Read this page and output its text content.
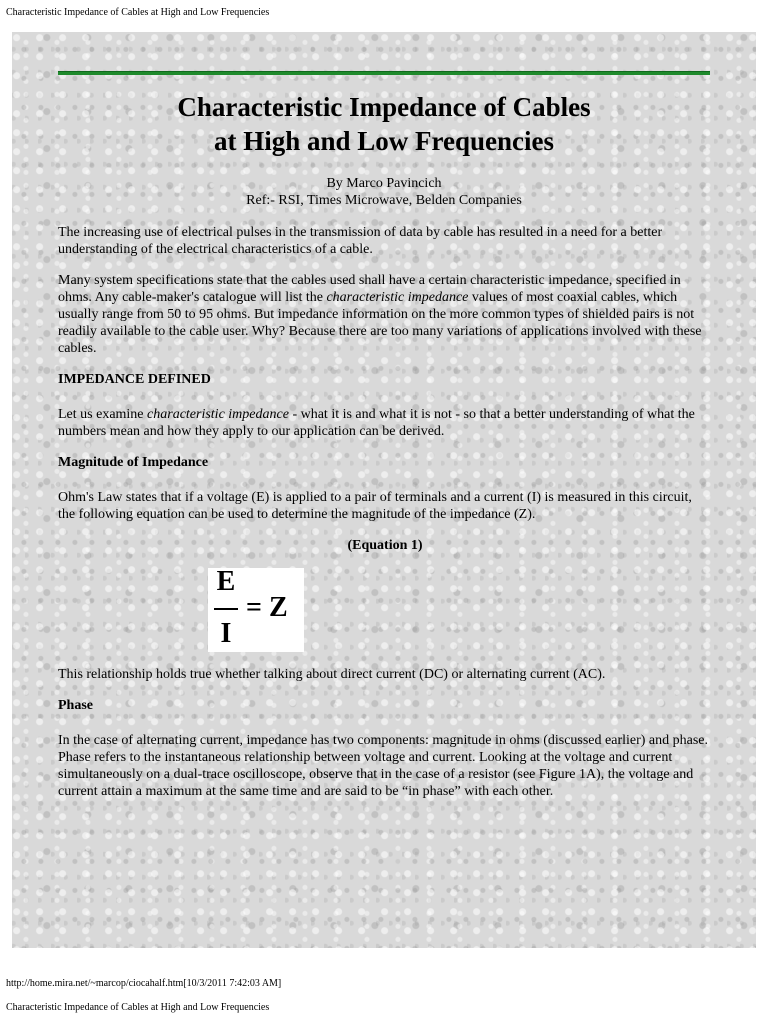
Characteristic Impedance of Cables at High and Low Frequencies
Characteristic Impedance of Cables
at High and Low Frequencies
By Marco Pavincich
Ref:- RSI, Times Microwave, Belden Companies

The increasing use of electrical pulses in the transmission of data by cable has resulted in a need for a better understanding of the electrical characteristics of a cable.

Many system specifications state that the cables used shall have a certain characteristic impedance, specified in ohms. Any cable-maker's catalogue will list the characteristic impedance values of most coaxial cables, which usually range from 50 to 95 ohms. But impedance information on the more common types of shielded pairs is not readily available to the cable user. Why? Because there are too many variations of applications involved with these cables.

IMPEDANCE DEFINED

Let us examine characteristic impedance - what it is and what it is not - so that a better understanding of what the numbers mean and how they apply to our application can be derived.

Magnitude of Impedance

Ohm's Law states that if a voltage (E) is applied to a pair of terminals and a current (I) is measured in this circuit, the following equation can be used to determine the magnitude of the impedance (Z).

(Equation 1)

E
I
= Z

This relationship holds true whether talking about direct current (DC) or alternating current (AC).

Phase

In the case of alternating current, impedance has two components: magnitude in ohms (discussed earlier) and phase. Phase refers to the instantaneous relationship between voltage and current. Looking at the voltage and current simultaneously on a dual-trace oscilloscope, observe that in the case of a resistor (see Figure 1A), the voltage and current attain a maximum at the same time and are said to be “in phase” with each other.

http://home.mira.net/~marcop/ciocahalf.htm[10/3/2011 7:42:03 AM]
Characteristic Impedance of Cables at High and Low Frequencies
